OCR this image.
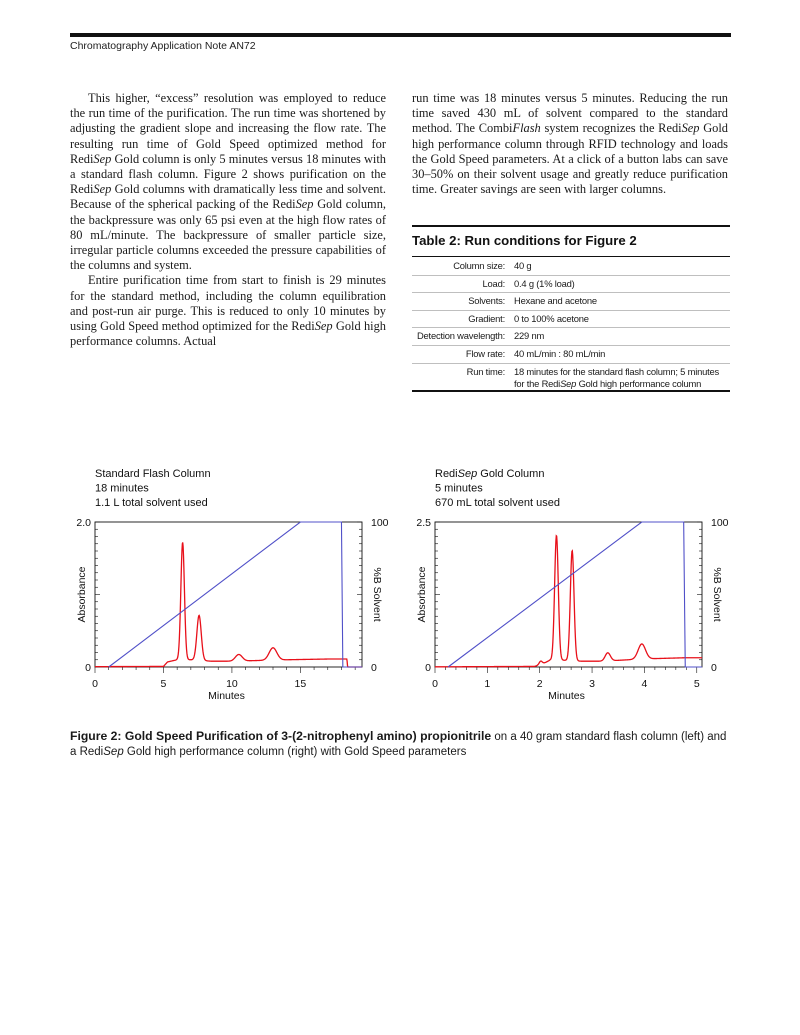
Chromatography Application Note AN72

This higher, “excess” resolution was employed to reduce the run time of the purification. The run time was shortened by adjusting the gradient slope and increasing the flow rate. The resulting run time of Gold Speed optimized method for RediSep Gold column is only 5 minutes versus 18 minutes with a standard flash column. Figure 2 shows purification on the RediSep Gold columns with dramatically less time and solvent. Because of the spherical packing of the RediSep Gold column, the backpressure was only 65 psi even at the high flow rates of 80 mL/minute. The backpressure of smaller particle size, irregular particle columns exceeded the pressure capabilities of the columns and system.

Entire purification time from start to finish is 29 minutes for the standard method, including the column equilibration and post-run air purge. This is reduced to only 10 minutes by using Gold Speed method optimized for the RediSep Gold high performance columns. Actual

run time was 18 minutes versus 5 minutes. Reducing the run time saved 430 mL of solvent compared to the standard method. The CombiFlash system recognizes the RediSep Gold high performance column through RFID technology and loads the Gold Speed parameters. At a click of a button labs can save 30–50% on their solvent usage and greatly reduce purification time. Greater savings are seen with larger columns.

Table 2: Run conditions for Figure 2
Column size:	40 g
Load:	0.4 g (1% load)
Solvents:	Hexane and acetone
Gradient:	0 to 100% acetone
Detection wavelength:	229 nm
Flow rate:	40 mL/min : 80 mL/min
Run time:	18 minutes for the standard flash column; 5 minutes for the RediSep Gold high performance column
Standard Flash Column
18 minutes
1.1 L total solvent used
0	5	10	15
0
2.0
0
100
Minutes
Absorbance	%B Solvent
RediSep Gold Column
5 minutes
670 mL total solvent used
0	1	2	3	4	5
0
2.5
0
100
Minutes
Absorbance	%B Solvent
Figure 2: Gold Speed Purification of 3-(2-nitrophenyl amino) propionitrile on a 40 gram standard flash column (left) and a RediSep Gold high performance column (right) with Gold Speed parameters
